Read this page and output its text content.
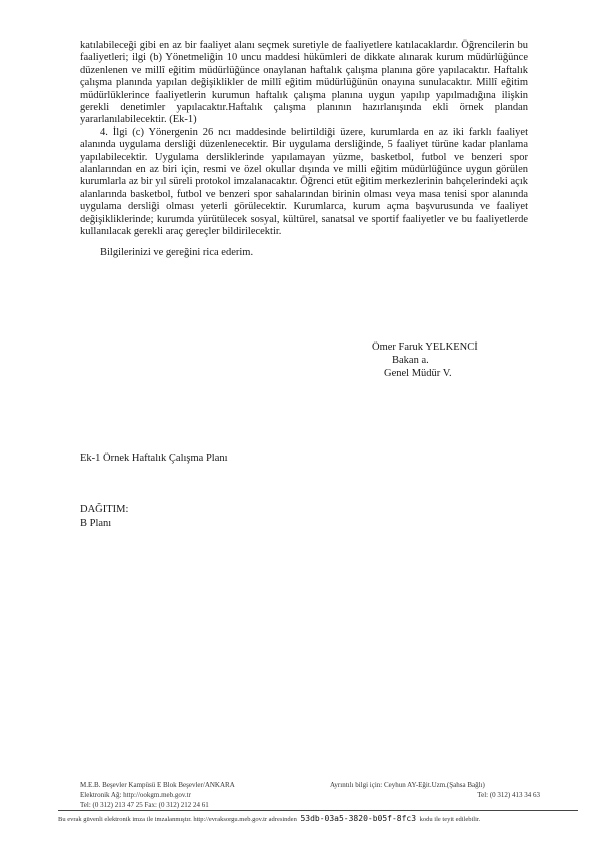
katılabileceği gibi en az bir faaliyet alanı seçmek suretiyle de faaliyetlere katılacaklardır. Öğrencilerin bu faaliyetleri; ilgi (b) Yönetmeliğin 10 uncu maddesi hükümleri de dikkate alınarak kurum müdürlüğünce düzenlenen ve millî eğitim müdürlüğünce onaylanan haftalık çalışma planına göre yapılacaktır. Haftalık çalışma planında yapılan değişiklikler de millî eğitim müdürlüğünün onayına sunulacaktır. Millî eğitim müdürlüklerince faaliyetlerin kurumun haftalık çalışma planına uygun yapılıp yapılmadığına ilişkin gerekli denetimler yapılacaktır.Haftalık çalışma planının hazırlanışında ekli örnek plandan yararlanılabilecektir. (Ek-1)

4. İlgi (c) Yönergenin 26 ncı maddesinde belirtildiği üzere, kurumlarda en az iki farklı faaliyet alanında uygulama dersliği düzenlenecektir. Bir uygulama dersliğinde, 5 faaliyet türüne kadar planlama yapılabilecektir. Uygulama dersliklerinde yapılamayan yüzme, basketbol, futbol ve benzeri spor alanlarından en az biri için, resmi ve özel okullar dışında ve milli eğitim müdürlüğünce uygun görülen kurumlarla az bir yıl süreli protokol imzalanacaktır. Öğrenci etüt eğitim merkezlerinin bahçelerindeki açık alanlarında basketbol, futbol ve benzeri spor sahalarından birinin olması veya masa tenisi spor alanında uygulama dersliği olması yeterli görülecektir. Kurumlarca, kurum açma başvurusunda ve faaliyet değişikliklerinde; kurumda yürütülecek sosyal, kültürel, sanatsal ve sportif faaliyetler ve bu faaliyetlerde kullanılacak gerekli araç gereçler bildirilecektir.

Bilgilerinizi ve gereğini rica ederim.

Ömer Faruk YELKENCİ
Bakan a.
Genel Müdür V.
Ek-1 Örnek Haftalık Çalışma Planı
DAĞITIM:
B Planı
M.E.B. Beşevler Kampüsü E Blok Beşevler/ANKARA
Elektronik Ağ: http://ookgm.meb.gov.tr
Tel: (0 312) 213 47 25 Fax: (0 312) 212 24 61
Ayrıntılı bilgi için: Ceyhun AY-Eğit.Uzm.(Şahsa Bağlı)
Tel: (0 312) 413 34 63
Bu evrak güvenli elektronik imza ile imzalanmıştır. http://evraksorgu.meb.gov.tr adresinden 53db-03a5-3820-b05f-8fc3 kodu ile teyit edilebilir.
